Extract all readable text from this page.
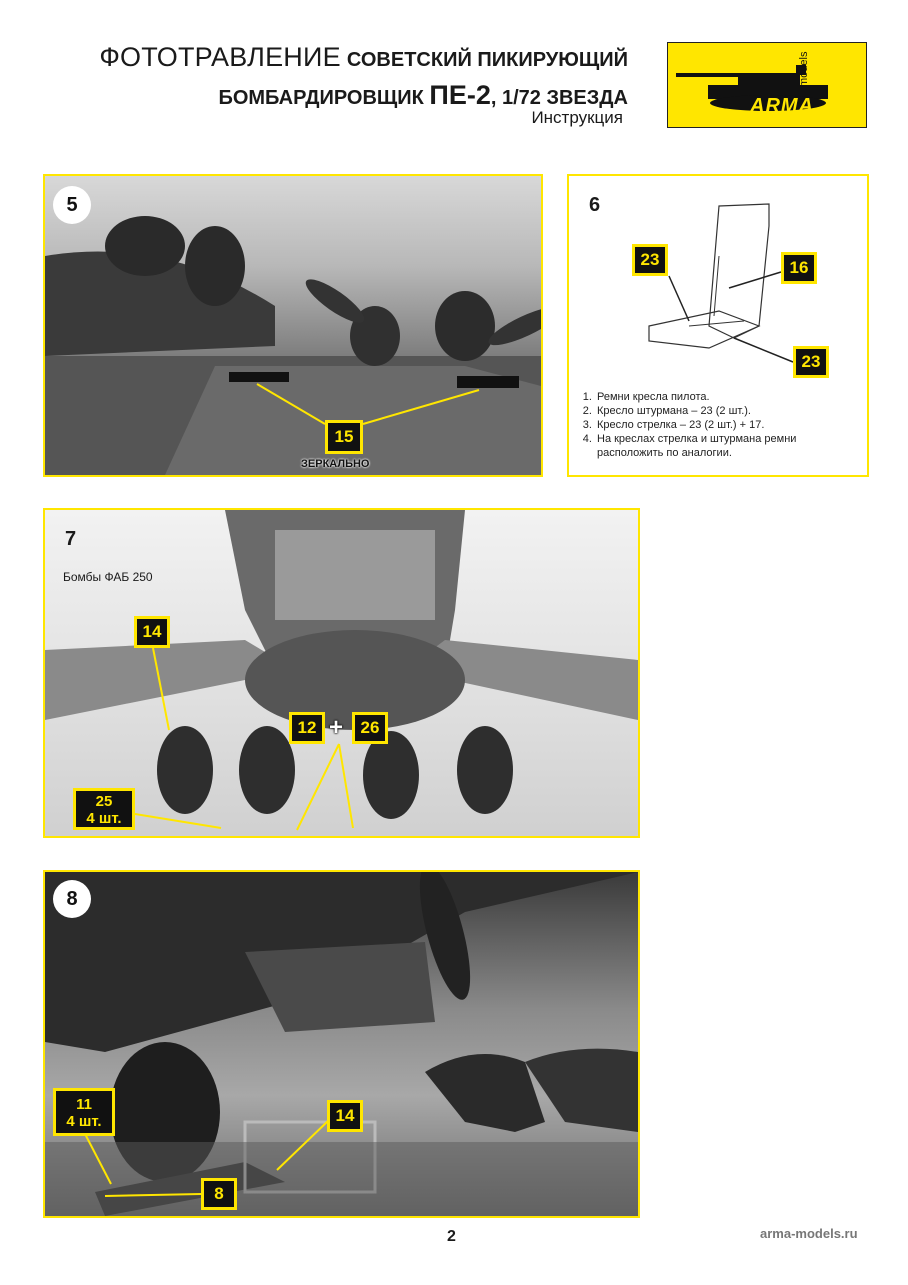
ФОТОТРАВЛЕНИЕ СОВЕТСКИЙ ПИКИРУЮЩИЙ
БОМБАРДИРОВЩИК ПЕ-2, 1/72 ЗВЕЗДА
Инструкция
ARMA
models
5
15
ЗЕРКАЛЬНО
6
23	16
23
1. Ремни кресла пилота.
2. Кресло штурмана – 23 (2 шт.).
3. Кресло стрелка – 23 (2 шт.) + 17.
4. На креслах стрелка и штурмана ремни расположить по аналогии.
7
Бомбы ФАБ 250
14
12 +	26
25
4 шт.
8
11
4 шт.	14
8
2	arma-models.ru
